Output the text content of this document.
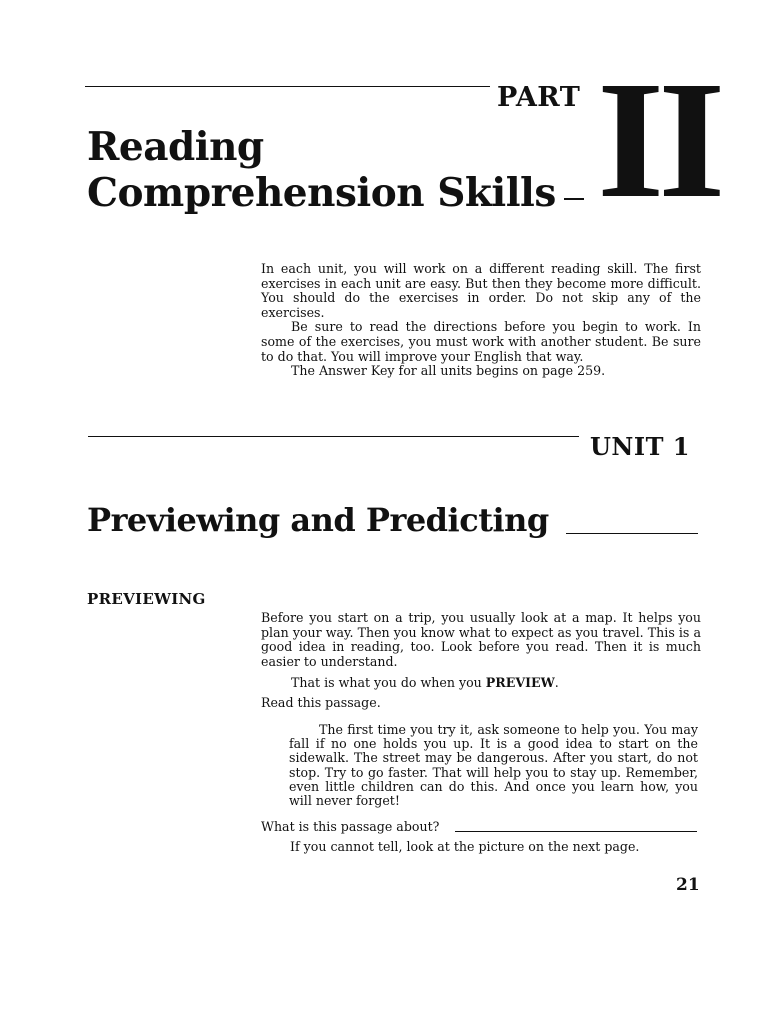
PART II
Reading
Comprehension Skills

In each unit, you will work on a different reading skill. The first exercises in each unit are easy. But then they become more difficult. You should do the exercises in order. Do not skip any of the exercises.

Be sure to read the directions before you begin to work. In some of the exercises, you must work with another student. Be sure to do that. You will improve your English that way.

The Answer Key for all units begins on page 259.

UNIT 1
Previewing and Predicting
PREVIEWING
Before you start on a trip, you usually look at a map. It helps you plan your way. Then you know what to expect as you travel. This is a good idea in reading, too. Look before you read. Then it is much easier to understand.

That is what you do when you PREVIEW.

Read this passage.

The first time you try it, ask someone to help you. You may fall if no one holds you up. It is a good idea to start on the sidewalk. The street may be dangerous. After you start, do not stop. Try to go faster. That will help you to stay up. Remember, even little children can do this. And once you learn how, you will never forget!

What is this passage about?
If you cannot tell, look at the picture on the next page.
21
